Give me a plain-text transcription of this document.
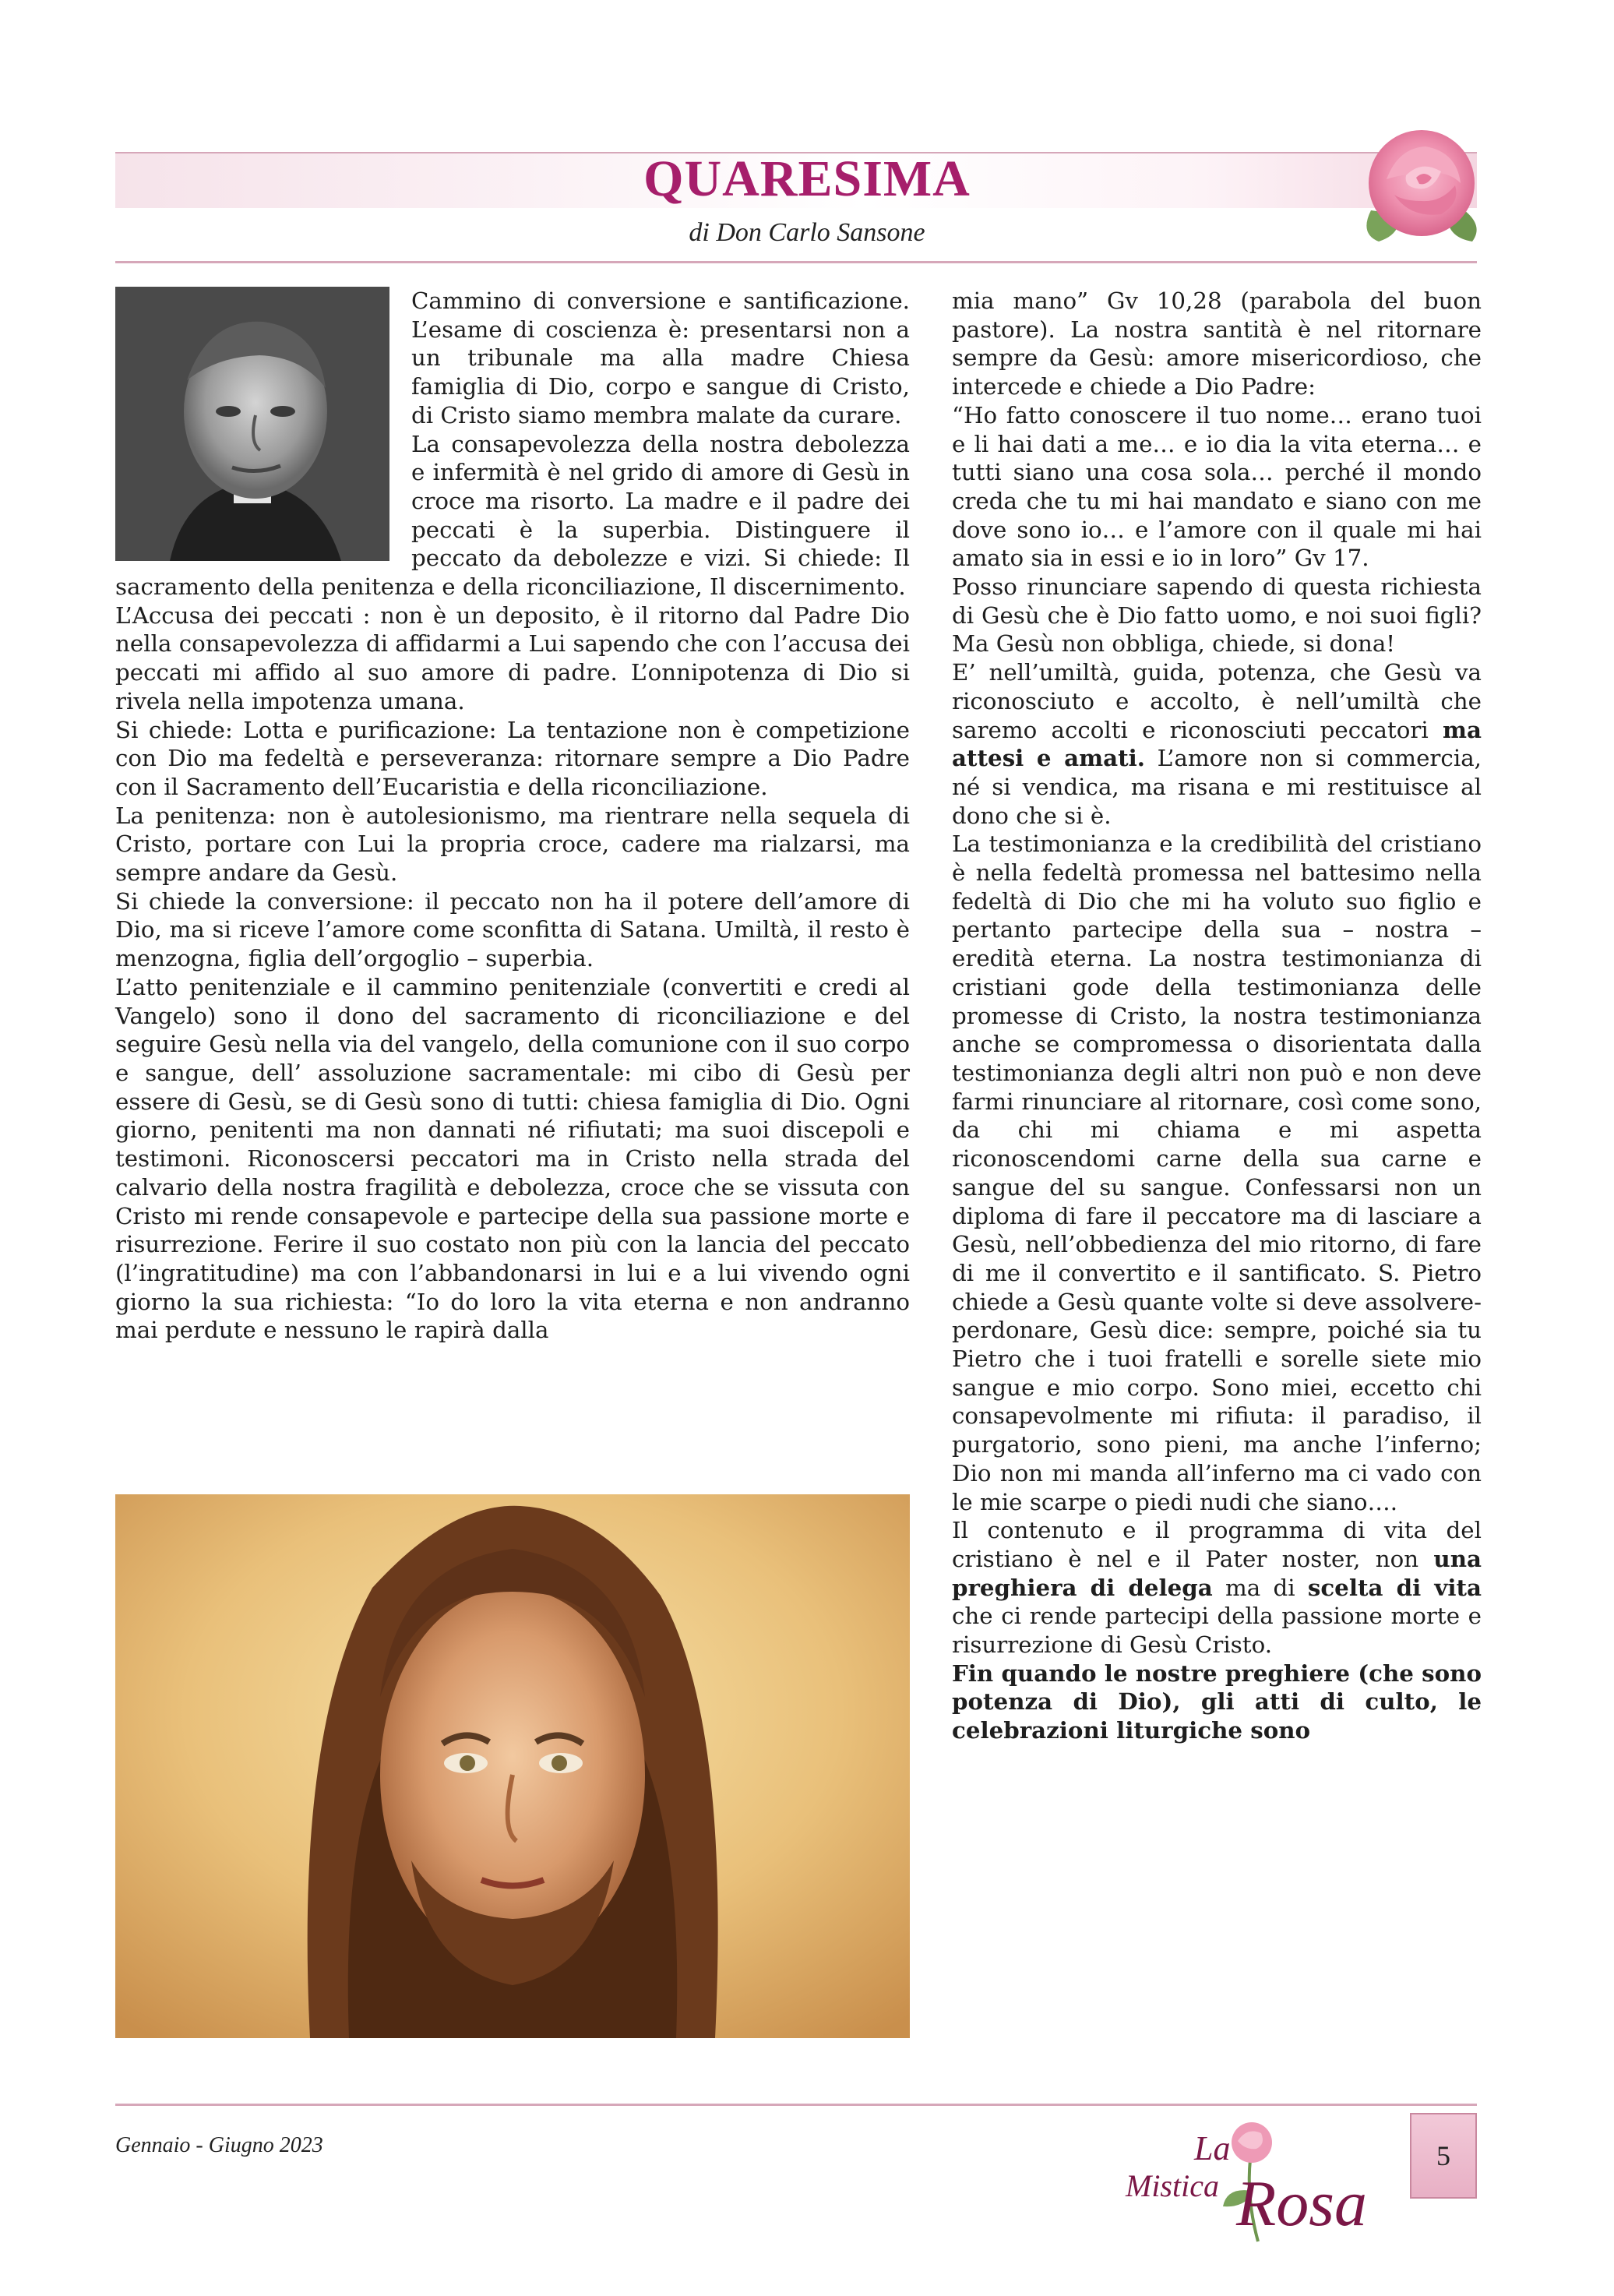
QUARESIMA
di Don Carlo Sansone

Cammino di conversione e santificazione. L’esame di coscienza è: presentarsi non a un tribunale ma alla madre Chiesa famiglia di Dio, corpo e sangue di Cristo, di Cristo siamo membra malate da curare.

La consapevolezza della nostra debolezza e infermità è nel grido di amore di Gesù in croce ma risorto. La madre e il padre dei peccati è la superbia. Distinguere il peccato da debolezze e vizi. Si chiede: Il sacramento della penitenza e della riconciliazione, Il discernimento.

L’Accusa dei peccati : non è un deposito, è il ritorno dal Padre Dio nella consapevolezza di affidarmi a Lui sapendo che con l’accusa dei peccati mi affido al suo amore di padre. L’onnipotenza di Dio si rivela nella impotenza umana.

Si chiede: Lotta e purificazione: La tentazione non è competizione con Dio ma fedeltà e perseveranza: ritornare sempre a Dio Padre con il Sacramento dell’Eucaristia e della riconciliazione.

La penitenza: non è autolesionismo, ma rientrare nella sequela di Cristo, portare con Lui la propria croce, cadere ma rialzarsi, ma sempre andare da Gesù.

Si chiede la conversione: il peccato non ha il potere dell’amore di Dio, ma si riceve l’amore come sconfitta di Satana. Umiltà, il resto è menzogna, figlia dell’orgoglio – superbia.

L’atto penitenziale e il cammino penitenziale (convertiti e credi al Vangelo) sono il dono del sacramento di riconciliazione e del seguire Gesù nella via del vangelo, della comunione con il suo corpo e sangue, dell’ assoluzione sacramentale: mi cibo di Gesù per essere di Gesù, se di Gesù sono di tutti: chiesa famiglia di Dio. Ogni giorno, penitenti ma non dannati né rifiutati; ma suoi discepoli e testimoni. Riconoscersi peccatori ma in Cristo nella strada del calvario della nostra fragilità e debolezza, croce che se vissuta con Cristo mi rende consapevole e partecipe della sua passione morte e risurrezione. Ferire il suo costato non più con la lancia del peccato (l’ingratitudine) ma con l’abbandonarsi in lui e a lui vivendo ogni giorno la sua richiesta: “Io do loro la vita eterna e non andranno mai perdute e nessuno le rapirà dalla

mia mano” Gv 10,28 (parabola del buon pastore). La nostra santità è nel ritornare sempre da Gesù: amore misericordioso, che intercede e chiede a Dio Padre:

“Ho fatto conoscere il tuo nome… erano tuoi e li hai dati a me… e io dia la vita eterna… e tutti siano una cosa sola… perché il mondo creda che tu mi hai mandato e siano con me dove sono io… e l’amore con il quale mi hai amato sia in essi e io in loro” Gv 17.

Posso rinunciare sapendo di questa richiesta di Gesù che è Dio fatto uomo, e noi suoi figli? Ma Gesù non obbliga, chiede, si dona!

E’ nell’umiltà, guida, potenza, che Gesù va riconosciuto e accolto, è nell’umiltà che saremo accolti e riconosciuti peccatori ma attesi e amati. L’amore non si commercia, né si vendica, ma risana e mi restituisce al dono che si è.

La testimonianza e la credibilità del cristiano è nella fedeltà promessa nel battesimo nella fedeltà di Dio che mi ha voluto suo figlio e pertanto partecipe della sua – nostra – eredità eterna. La nostra testimonianza di cristiani gode della testimonianza delle promesse di Cristo, la nostra testimonianza anche se compromessa o disorientata dalla testimonianza degli altri non può e non deve farmi rinunciare al ritornare, così come sono, da chi mi chiama e mi aspetta riconoscendomi carne della sua carne e sangue del su sangue. Confessarsi non un diploma di fare il peccatore ma di lasciare a Gesù, nell’obbedienza del mio ritorno, di fare di me il convertito e il santificato. S. Pietro chiede a Gesù quante volte si deve assolvere-perdonare, Gesù dice: sempre, poiché sia tu Pietro che i tuoi fratelli e sorelle siete mio sangue e mio corpo. Sono miei, eccetto chi consapevolmente mi rifiuta: il paradiso, il purgatorio, sono pieni, ma anche l’inferno; Dio non mi manda all’inferno ma ci vado con le mie scarpe o piedi nudi che siano….

Il contenuto e il programma di vita del cristiano è nel e il Pater noster, non una preghiera di delega ma di scelta di vita che ci rende partecipi della passione morte e risurrezione di Gesù Cristo.

Fin quando le nostre preghiere (che sono potenza di Dio), gli atti di culto, le celebrazioni liturgiche sono

Gennaio - Giugno 2023	La
Mistica Rosa
5
